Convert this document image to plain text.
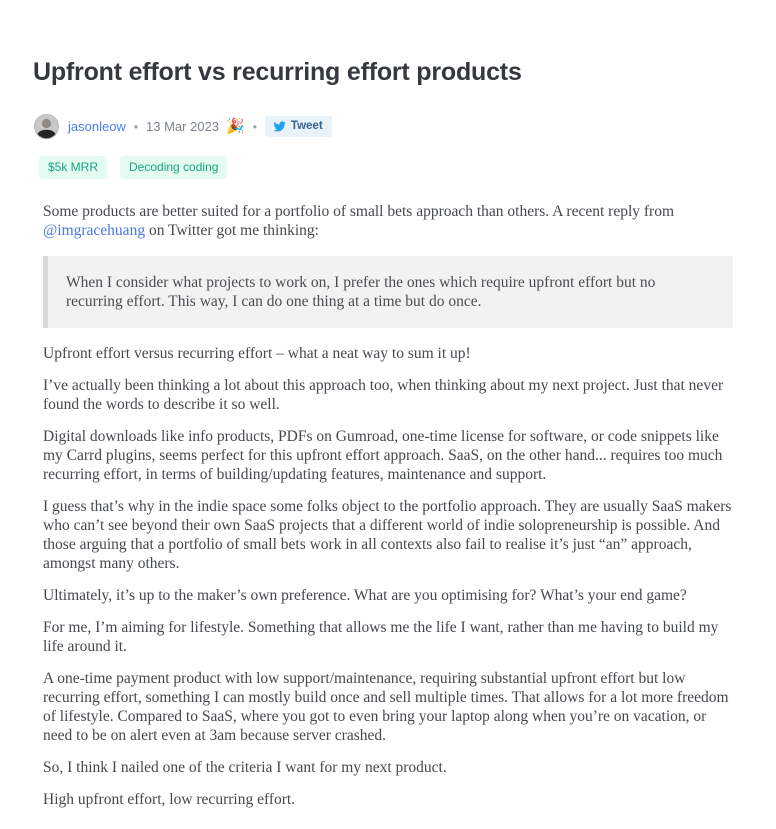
Upfront effort vs recurring effort products
jasonleow • 13 Mar 2023 🎉 •	Tweet
$5k MRR	Decoding coding

Some products are better suited for a portfolio of small bets approach than others. A recent reply from @imgracehuang on Twitter got me thinking:

When I consider what projects to work on, I prefer the ones which require upfront effort but no recurring effort. This way, I can do one thing at a time but do once.

Upfront effort versus recurring effort – what a neat way to sum it up!

I’ve actually been thinking a lot about this approach too, when thinking about my next project. Just that never found the words to describe it so well.

Digital downloads like info products, PDFs on Gumroad, one-time license for software, or code snippets like my Carrd plugins, seems perfect for this upfront effort approach. SaaS, on the other hand... requires too much recurring effort, in terms of building/updating features, maintenance and support.

I guess that’s why in the indie space some folks object to the portfolio approach. They are usually SaaS makers who can’t see beyond their own SaaS projects that a different world of indie solopreneurship is possible. And those arguing that a portfolio of small bets work in all contexts also fail to realise it’s just “an” approach, amongst many others.

Ultimately, it’s up to the maker’s own preference. What are you optimising for? What’s your end game?

For me, I’m aiming for lifestyle. Something that allows me the life I want, rather than me having to build my life around it.

A one-time payment product with low support/maintenance, requiring substantial upfront effort but low recurring effort, something I can mostly build once and sell multiple times. That allows for a lot more freedom of lifestyle. Compared to SaaS, where you got to even bring your laptop along when you’re on vacation, or need to be on alert even at 3am because server crashed.

So, I think I nailed one of the criteria I want for my next product.

High upfront effort, low recurring effort.
